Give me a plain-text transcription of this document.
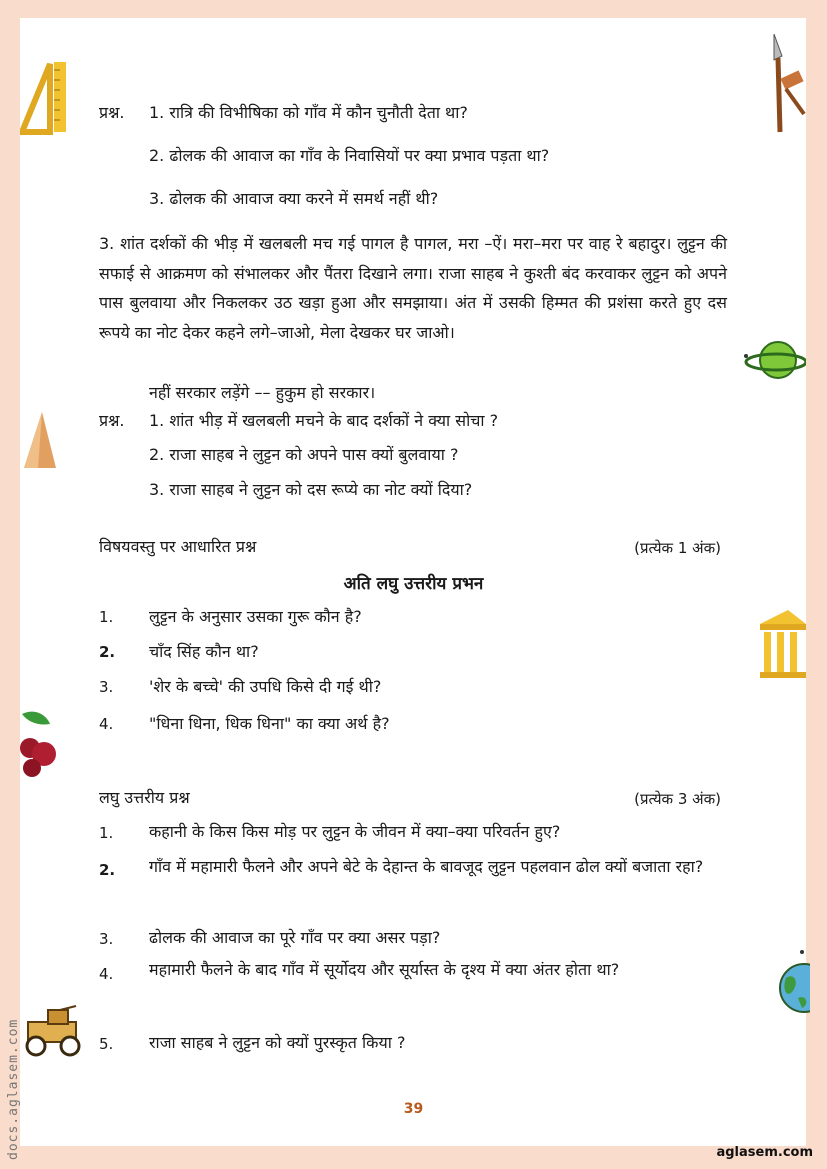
प्रश्न. 1. रात्रि की विभीषिका को गाँव में कौन चुनौती देता था?
2. ढोलक की आवाज का गाँव के निवासियों पर क्या प्रभाव पड़ता था?
3. ढोलक की आवाज क्या करने में समर्थ नहीं थी?
3. शांत दर्शकों की भीड़ में खलबली मच गई पागल है पागल, मरा –ऐं। मरा–मरा पर वाह रे बहादुर। लुट्टन की सफाई से आक्रमण को संभालकर और पैंतरा दिखाने लगा। राजा साहब ने कुश्ती बंद करवाकर लुट्टन को अपने पास बुलवाया और निकलकर उठ खड़ा हुआ और समझाया। अंत में उसकी हिम्मत की प्रशंसा करते हुए दस रूपये का नोट देकर कहने लगे–जाओ, मेला देखकर घर जाओ।
नहीं सरकार लड़ेंगे –– हुकुम हो सरकार।
प्रश्न. 1. शांत भीड़ में खलबली मचने के बाद दर्शकों ने क्या सोचा ?
2. राजा साहब ने लुट्टन को अपने पास क्यों बुलवाया ?
3. राजा साहब ने लुट्टन को दस रूप्ये का नोट क्यों दिया?
विषयवस्तु पर आधारित प्रश्न	(प्रत्येक 1 अंक)
अति लघु उत्तरीय प्रभन
1. लुट्टन के अनुसार उसका गुरू कौन है?
2. चाँद सिंह कौन था?
3. 'शेर के बच्चे' की उपधि किसे दी गई थी?
4. "धिना धिना, धिक धिना" का क्या अर्थ है?
लघु उत्तरीय प्रश्न	(प्रत्येक 3 अंक)
1. कहानी के किस किस मोड़ पर लुट्टन के जीवन में क्या–क्या परिवर्तन हुए?
2. गाँव में महामारी फैलने और अपने बेटे के देहान्त के बावजूद लुट्टन पहलवान ढोल क्यों बजाता रहा?
3. ढोलक की आवाज का पूरे गाँव पर क्या असर पड़ा?
4. महामारी फैलने के बाद गाँव में सूर्योदय और सूर्यास्त के दृश्य में क्या अंतर होता था?
5. राजा साहब ने लुट्टन को क्यों पुरस्कृत किया ?
39
aglasem.com
docs.aglasem.com
